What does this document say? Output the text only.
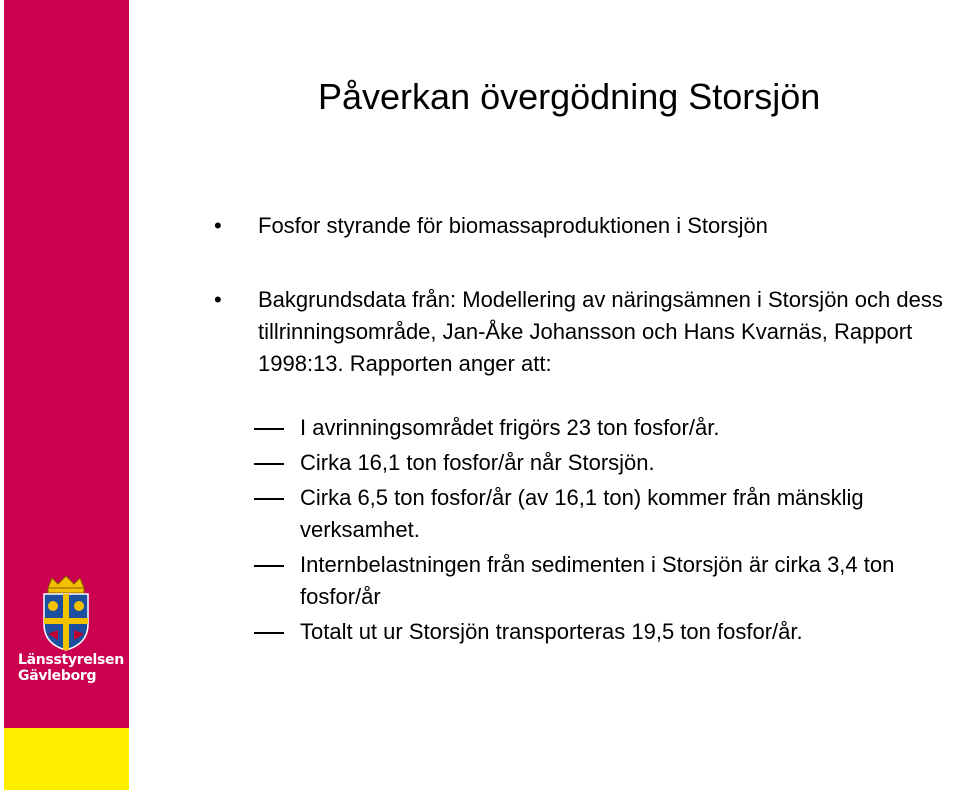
Länsstyrelsen
Gävleborg
Påverkan övergödning Storsjön
• Fosfor styrande för biomassaproduktionen i Storsjön
• Bakgrundsdata från: Modellering av näringsämnen i Storsjön och dess tillrinningsområde, Jan-Åke Johansson och Hans Kvarnäs, Rapport 1998:13. Rapporten anger att:
I avrinningsområdet frigörs 23 ton fosfor/år.
Cirka 16,1 ton fosfor/år når Storsjön.
Cirka 6,5 ton fosfor/år (av 16,1 ton) kommer från mänsklig verksamhet.
Internbelastningen från sedimenten i Storsjön är cirka 3,4 ton fosfor/år
Totalt ut ur Storsjön transporteras 19,5 ton fosfor/år.
